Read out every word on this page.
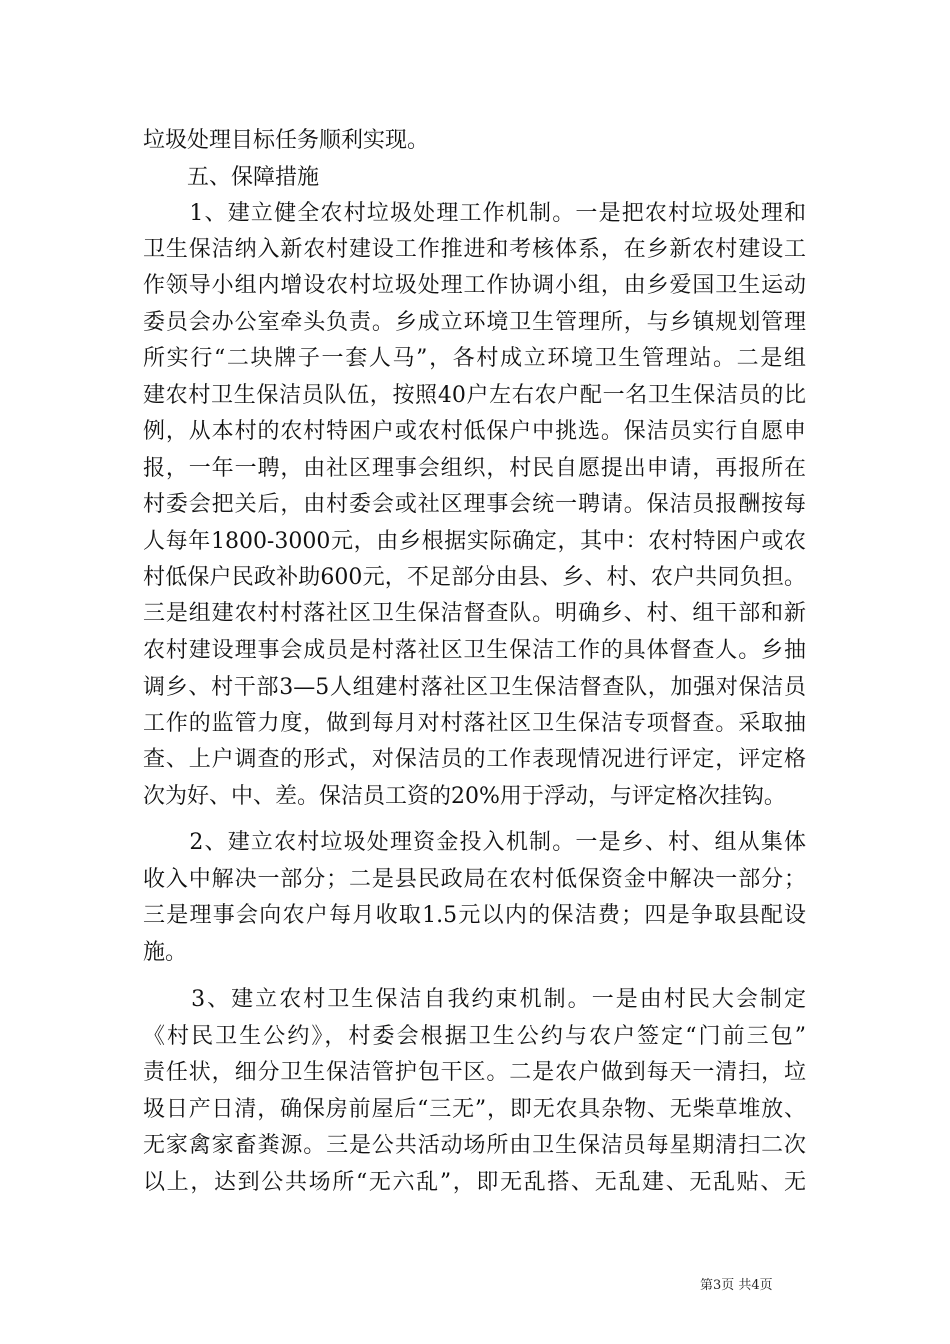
垃圾处理目标任务顺利实现。
　　五、保障措施
　　1、建立健全农村垃圾处理工作机制。一是把农村垃圾处理和
卫生保洁纳入新农村建设工作推进和考核体系，在乡新农村建设工
作领导小组内增设农村垃圾处理工作协调小组，由乡爱国卫生运动
委员会办公室牵头负责。乡成立环境卫生管理所，与乡镇规划管理
所实行“二块牌子一套人马”，各村成立环境卫生管理站。二是组
建农村卫生保洁员队伍，按照40户左右农户配一名卫生保洁员的比
例，从本村的农村特困户或农村低保户中挑选。保洁员实行自愿申
报，一年一聘，由社区理事会组织，村民自愿提出申请，再报所在
村委会把关后，由村委会或社区理事会统一聘请。保洁员报酬按每
人每年1800-3000元，由乡根据实际确定，其中：农村特困户或农
村低保户民政补助600元，不足部分由县、乡、村、农户共同负担。
三是组建农村村落社区卫生保洁督查队。明确乡、村、组干部和新
农村建设理事会成员是村落社区卫生保洁工作的具体督查人。乡抽
调乡、村干部3—5人组建村落社区卫生保洁督查队，加强对保洁员
工作的监管力度，做到每月对村落社区卫生保洁专项督查。采取抽
查、上户调查的形式，对保洁员的工作表现情况进行评定，评定格
次为好、中、差。保洁员工资的20%用于浮动，与评定格次挂钩。
　　2、建立农村垃圾处理资金投入机制。一是乡、村、组从集体
收入中解决一部分；二是县民政局在农村低保资金中解决一部分；
三是理事会向农户每月收取1.5元以内的保洁费；四是争取县配设
施。
　　3、建立农村卫生保洁自我约束机制。一是由村民大会制定
《村民卫生公约》，村委会根据卫生公约与农户签定“门前三包”
责任状，细分卫生保洁管护包干区。二是农户做到每天一清扫，垃
圾日产日清，确保房前屋后“三无”，即无农具杂物、无柴草堆放、
无家禽家畜粪源。三是公共活动场所由卫生保洁员每星期清扫二次
以上，达到公共场所“无六乱”，即无乱搭、无乱建、无乱贴、无
第3页 共4页
